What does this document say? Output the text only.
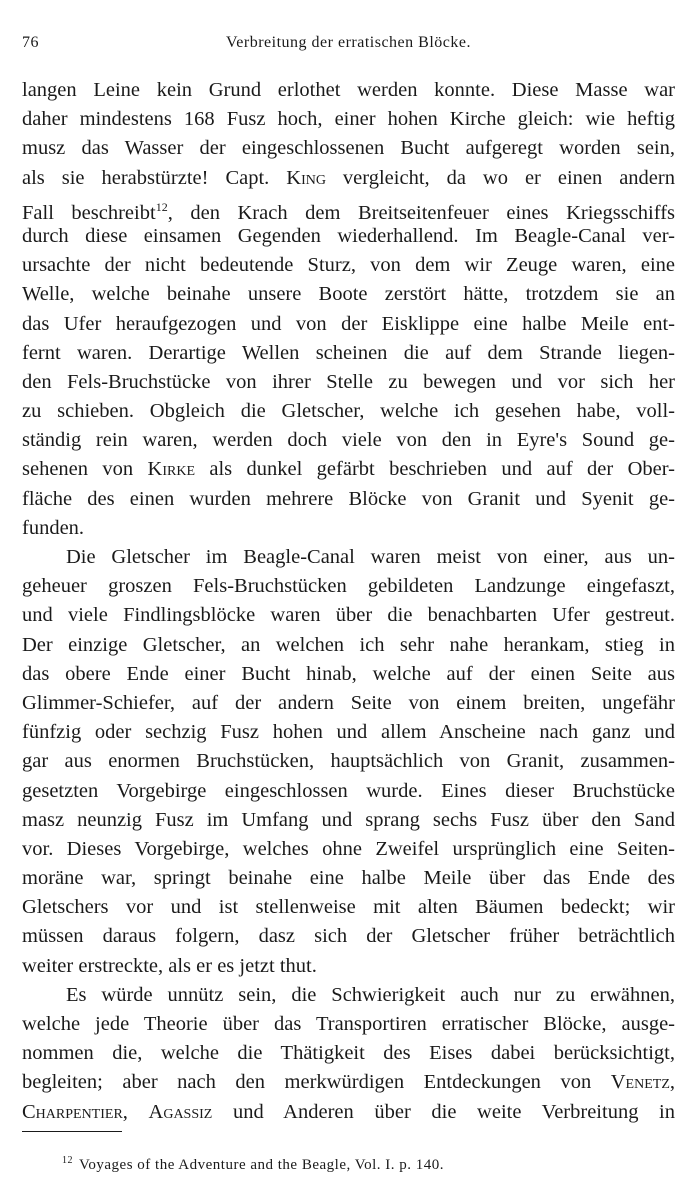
76	Verbreitung der erratischen Blöcke.
langen Leine kein Grund erlothet werden konnte. Diese Masse war
daher mindestens 168 Fusz hoch, einer hohen Kirche gleich: wie heftig
musz das Wasser der eingeschlossenen Bucht aufgeregt worden sein,
als sie herabstürzte! Capt. King vergleicht, da wo er einen andern
Fall beschreibt$^{12}$, den Krach dem Breitseitenfeuer eines Kriegsschiffs
durch diese einsamen Gegenden wiederhallend. Im Beagle-Canal ver-
ursachte der nicht bedeutende Sturz, von dem wir Zeuge waren, eine
Welle, welche beinahe unsere Boote zerstört hätte, trotzdem sie an
das Ufer heraufgezogen und von der Eisklippe eine halbe Meile ent-
fernt waren. Derartige Wellen scheinen die auf dem Strande liegen-
den Fels-Bruchstücke von ihrer Stelle zu bewegen und vor sich her
zu schieben. Obgleich die Gletscher, welche ich gesehen habe, voll-
ständig rein waren, werden doch viele von den in Eyre's Sound ge-
sehenen von Kirke als dunkel gefärbt beschrieben und auf der Ober-
fläche des einen wurden mehrere Blöcke von Granit und Syenit ge-
funden.
Die Gletscher im Beagle-Canal waren meist von einer, aus un-
geheuer groszen Fels-Bruchstücken gebildeten Landzunge eingefaszt,
und viele Findlingsblöcke waren über die benachbarten Ufer gestreut.
Der einzige Gletscher, an welchen ich sehr nahe herankam, stieg in
das obere Ende einer Bucht hinab, welche auf der einen Seite aus
Glimmer-Schiefer, auf der andern Seite von einem breiten, ungefähr
fünfzig oder sechzig Fusz hohen und allem Anscheine nach ganz und
gar aus enormen Bruchstücken, hauptsächlich von Granit, zusammen-
gesetzten Vorgebirge eingeschlossen wurde. Eines dieser Bruchstücke
masz neunzig Fusz im Umfang und sprang sechs Fusz über den Sand
vor. Dieses Vorgebirge, welches ohne Zweifel ursprünglich eine Seiten-
moräne war, springt beinahe eine halbe Meile über das Ende des
Gletschers vor und ist stellenweise mit alten Bäumen bedeckt; wir
müssen daraus folgern, dasz sich der Gletscher früher beträchtlich
weiter erstreckte, als er es jetzt thut.
Es würde unnütz sein, die Schwierigkeit auch nur zu erwähnen,
welche jede Theorie über das Transportiren erratischer Blöcke, ausge-
nommen die, welche die Thätigkeit des Eises dabei berücksichtigt,
begleiten; aber nach den merkwürdigen Entdeckungen von Venetz,
Charpentier, Agassiz und Anderen über die weite Verbreitung in
$^{12}$ Voyages of the Adventure and the Beagle, Vol. I. p. 140.
